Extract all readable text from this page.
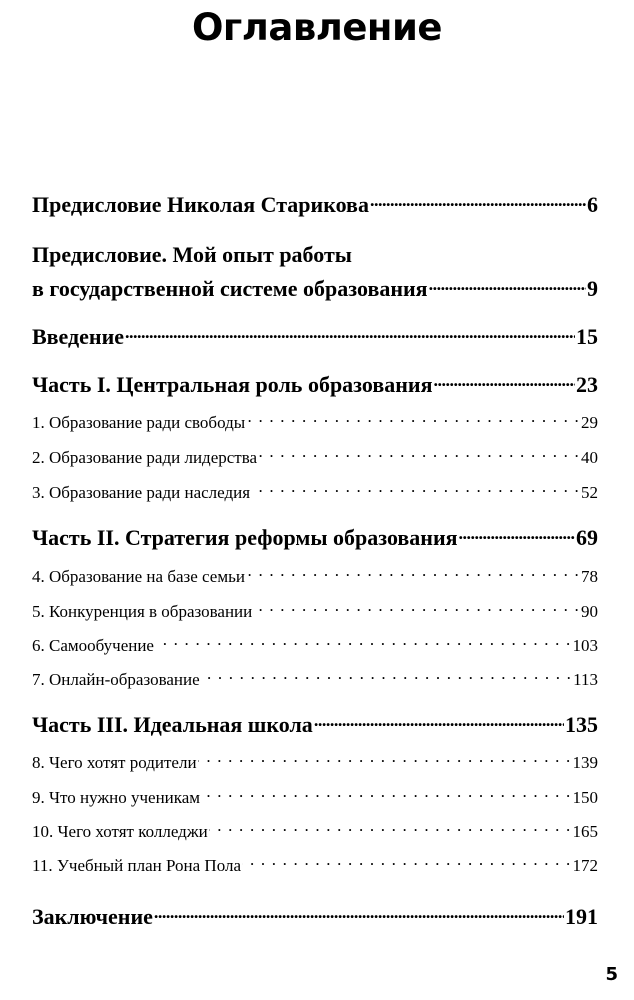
Оглавление
Предисловие Николая Старикова .....	6
Предисловие. Мой опыт работы
в государственной системе образования .....	9
Введение .....	15
Часть I. Центральная роль образования .....	23
1. Образование ради свободы . . .	29
2. Образование ради лидерства . . .	40
3. Образование ради наследия . . .	52
Часть II. Стратегия реформы образования .....	69
4. Образование на базе семьи . . .	78
5. Конкуренция в образовании . . .	90
6. Самообучение . . .	103
7. Онлайн-образование . . .	113
Часть III. Идеальная школа .....	135
8. Чего хотят родители . . .	139
9. Что нужно ученикам . . .	150
10. Чего хотят колледжи . . .	165
11. Учебный план Рона Пола . . .	172
Заключение .....	191
5
